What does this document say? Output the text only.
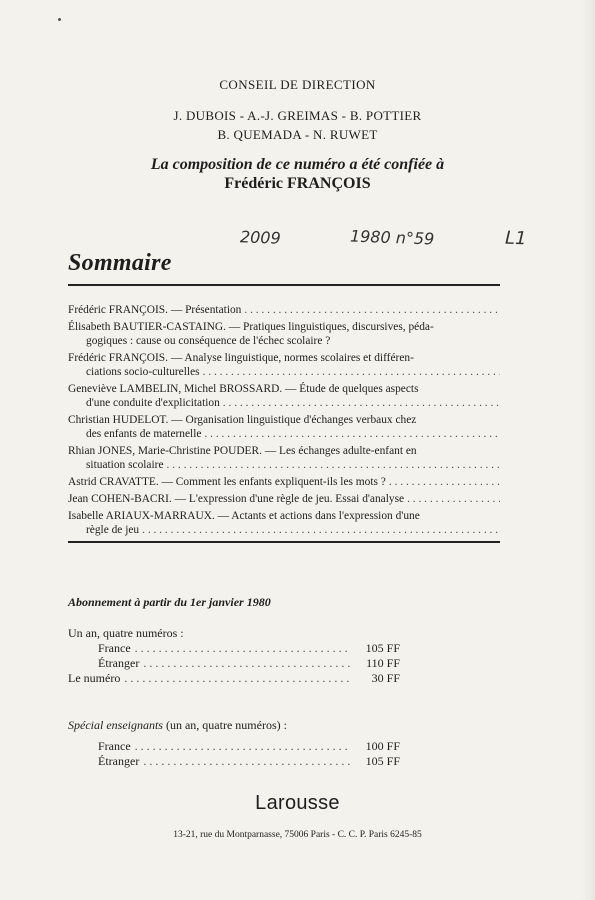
CONSEIL DE DIRECTION
J. DUBOIS - A.-J. GREIMAS - B. POTTIER
B. QUEMADA - N. RUWET
La composition de ce numéro a été confiée à
Frédéric FRANÇOIS
2009	1980 n°59	L1
Sommaire
Frédéric FRANÇOIS. — Présentation
. . .
Élisabeth BAUTIER-CASTAING. — Pratiques linguistiques, discursives, péda-
gogiques : cause ou conséquence de l'échec scolaire ?
Frédéric FRANÇOIS. — Analyse linguistique, normes scolaires et différen-
ciations socio-culturelles
. . .
Geneviève LAMBELIN, Michel BROSSARD. — Étude de quelques aspects
d'une conduite d'explicitation
. . .
Christian HUDELOT. — Organisation linguistique d'échanges verbaux chez
des enfants de maternelle
. . .
Rhian JONES, Marie-Christine POUDER. — Les échanges adulte-enfant en
situation scolaire
. . .
Astrid CRAVATTE. — Comment les enfants expliquent-ils les mots ?
. . .
Jean COHEN-BACRI. — L'expression d'une règle de jeu. Essai d'analyse
. . .
Isabelle ARIAUX-MARRAUX. — Actants et actions dans l'expression d'une
règle de jeu
. . .
Abonnement à partir du 1er janvier 1980
Un an, quatre numéros :
France . . .	105 FF
Étranger . . .	110 FF
Le numéro . . .	30 FF
Spécial enseignants (un an, quatre numéros) :
France . . .	100 FF
Étranger . . .	105 FF
Larousse
13-21, rue du Montparnasse, 75006 Paris - C. C. P. Paris 6245-85
